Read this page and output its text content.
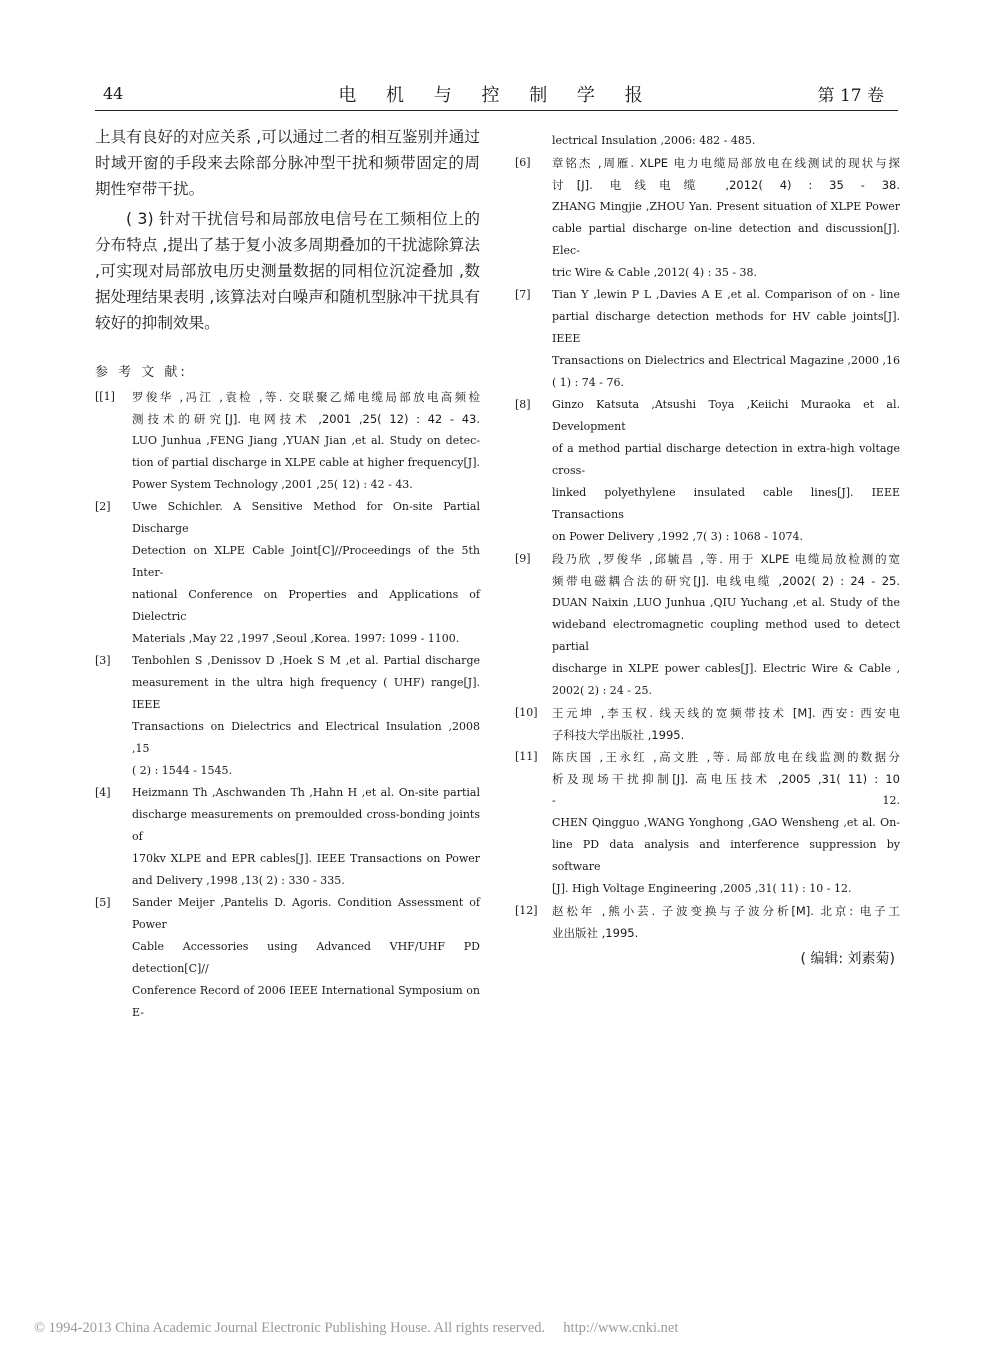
44	电 机 与 控 制 学 报	第 17 卷

上具有良好的对应关系 ,可以通过二者的相互鉴别并通过时域开窗的手段来去除部分脉冲型干扰和频带固定的周期性窄带干扰。

( 3) 针对干扰信号和局部放电信号在工频相位上的分布特点 ,提出了基于复小波多周期叠加的干扰滤除算法 ,可实现对局部放电历史测量数据的同相位沉淀叠加 ,数据处理结果表明 ,该算法对白噪声和随机型脉冲干扰具有较好的抑制效果。

参 考 文 献:
[[1] 罗俊华 ,冯江 ,袁检 ,等. 交联聚乙烯电缆局部放电高频检
测技术的研究[J]. 电网技术 ,2001 ,25( 12) : 42 - 43.
LUO Junhua ,FENG Jiang ,YUAN Jian ,et al. Study on detec-
tion of partial discharge in XLPE cable at higher frequency[J].
Power System Technology ,2001 ,25( 12) : 42 - 43.
[2] Uwe Schichler. A Sensitive Method for On-site Partial Discharge
Detection on XLPE Cable Joint[C]//Proceedings of the 5th Inter-
national Conference on Properties and Applications of Dielectric
Materials ,May 22 ,1997 ,Seoul ,Korea. 1997: 1099 - 1100.
[3] Tenbohlen S ,Denissov D ,Hoek S M ,et al. Partial discharge
measurement in the ultra high frequency ( UHF) range[J]. IEEE
Transactions on Dielectrics and Electrical Insulation ,2008 ,15
( 2) : 1544 - 1545.
[4] Heizmann Th ,Aschwanden Th ,Hahn H ,et al. On-site partial
discharge measurements on premoulded cross-bonding joints of
170kv XLPE and EPR cables[J]. IEEE Transactions on Power
and Delivery ,1998 ,13( 2) : 330 - 335.
[5] Sander Meijer ,Pantelis D. Agoris. Condition Assessment of Power
Cable Accessories using Advanced VHF/UHF PD detection[C]//
Conference Record of 2006 IEEE International Symposium on E-
lectrical Insulation ,2006: 482 - 485.
[6] 章铭杰 ,周雁. XLPE 电力电缆局部放电在线测试的现状与探
讨[J]. 电线电缆 ,2012( 4) : 35 - 38.
ZHANG Mingjie ,ZHOU Yan. Present situation of XLPE Power
cable partial discharge on-line detection and discussion[J]. Elec-
tric Wire & Cable ,2012( 4) : 35 - 38.
[7] Tian Y ,lewin P L ,Davies A E ,et al. Comparison of on - line
partial discharge detection methods for HV cable joints[J]. IEEE
Transactions on Dielectrics and Electrical Magazine ,2000 ,16
( 1) : 74 - 76.
[8] Ginzo Katsuta ,Atsushi Toya ,Keiichi Muraoka et al. Development
of a method partial discharge detection in extra-high voltage cross-
linked polyethylene insulated cable lines[J]. IEEE Transactions
on Power Delivery ,1992 ,7( 3) : 1068 - 1074.
[9] 段乃欣 ,罗俊华 ,邱毓昌 ,等. 用于 XLPE 电缆局放检测的宽
频带电磁耦合法的研究[J]. 电线电缆 ,2002( 2) : 24 - 25.
DUAN Naixin ,LUO Junhua ,QIU Yuchang ,et al. Study of the
wideband electromagnetic coupling method used to detect partial
discharge in XLPE power cables[J]. Electric Wire & Cable ,
2002( 2) : 24 - 25.
[10] 王元坤 ,李玉权. 线天线的宽频带技术 [M]. 西安: 西安电
子科技大学出版社 ,1995.
[11] 陈庆国 ,王永红 ,高文胜 ,等. 局部放电在线监测的数据分
析及现场干扰抑制[J]. 高电压技术 ,2005 ,31( 11) : 10
- 12.
CHEN Qingguo ,WANG Yonghong ,GAO Wensheng ,et al. On-
line PD data analysis and interference suppression by software
[J]. High Voltage Engineering ,2005 ,31( 11) : 10 - 12.
[12] 赵松年 ,熊小芸. 子波变换与子波分析[M]. 北京: 电子工
业出版社 ,1995.
( 编辑: 刘素菊)
© 1994-2013 China Academic Journal Electronic Publishing House. All rights reserved.     http://www.cnki.net
